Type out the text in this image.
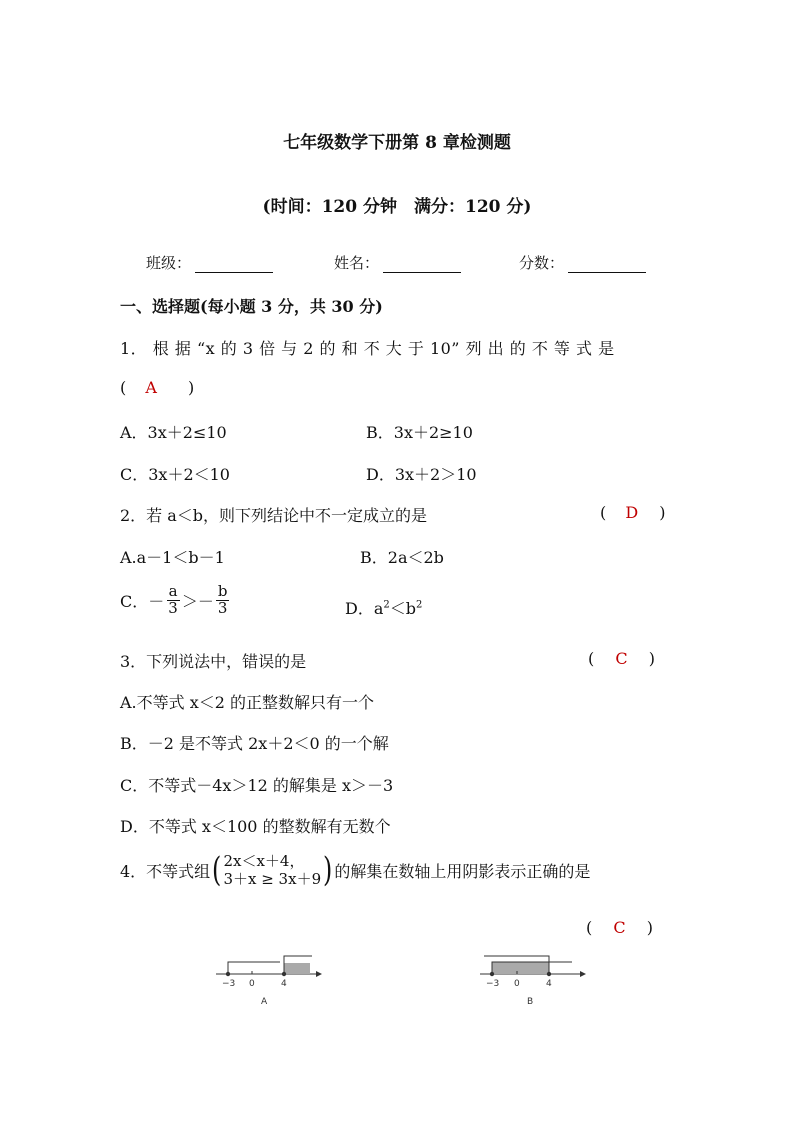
七年级数学下册第 8 章检测题
(时间：120 分钟　满分：120 分)
班级：	姓名：	分数：
一、选择题(每小题 3 分，共 30 分)
1． 根 据 “x 的 3 倍 与 2 的 和 不 大 于 10” 列 出 的 不 等 式 是
( A )
A．3x＋2≤10	B．3x＋2≥10
C．3x＋2＜10	D．3x＋2＞10
2．若 a＜b，则下列结论中不一定成立的是	( D )
A.a－1＜b－1	B．2a＜2b
C． － $\frac{a}{3}$ ＞ － $\frac{b}{3}$	D．$a^2<b^2$
3．下列说法中，错误的是	( C )
A.不等式 x＜2 的正整数解只有一个
B．－2 是不等式 2x＋2＜0 的一个解
C．不等式－4x＞12 的解集是 x＞－3
D．不等式 x＜100 的整数解有无数个
4．不等式组 ( 2x＜x＋4，
3＋x ≥ 3x＋9 ) 的解集在数轴上用阴影表示正确的是
( C )
−3 0	4
A
−3 0	4
B
